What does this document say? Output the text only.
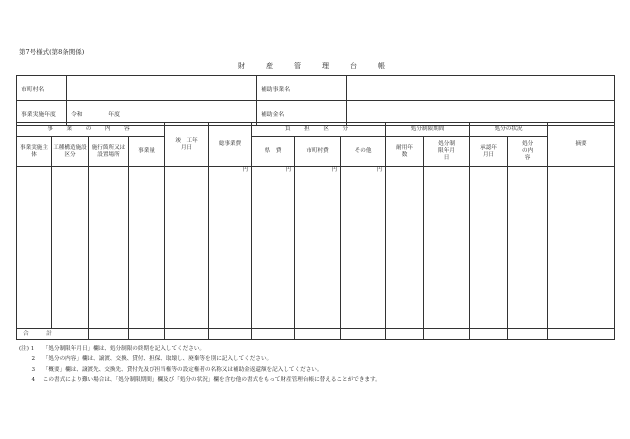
第7号様式(第8条関係)
財　産　管　理　台　帳
市町村名		補助事業名	
事業実施年度	令和 年度	補助金名	
事　業　の　内　容				竣　工年月日	総事業費	負　担　区　分			処分制限期間		処分の状況		摘要
事業実施主体	工種構造施設区分	施行箇所又は設置場所	事業量			県　費	市町村費	その他	耐用年数	処分制限年月日	承認年月日	処分の内容	
					円	円	円	円					
合　計													
(注) 1 「処分制限年月日」欄は、処分制限の終期を記入してください。
2 「処分の内容」欄は、譲渡、交換、貸付、担保、取壊し、廃棄等を別に記入してください。
3 「概要」欄は、譲渡先、交換先、貸付先及び担当権等の設定権者の名称又は補助金返還額を記入してください。
4 この書式により難い場合は、「処分制限期間」欄及び「処分の状況」欄を含む他の書式をもって財産管理台帳に替えることができます。
